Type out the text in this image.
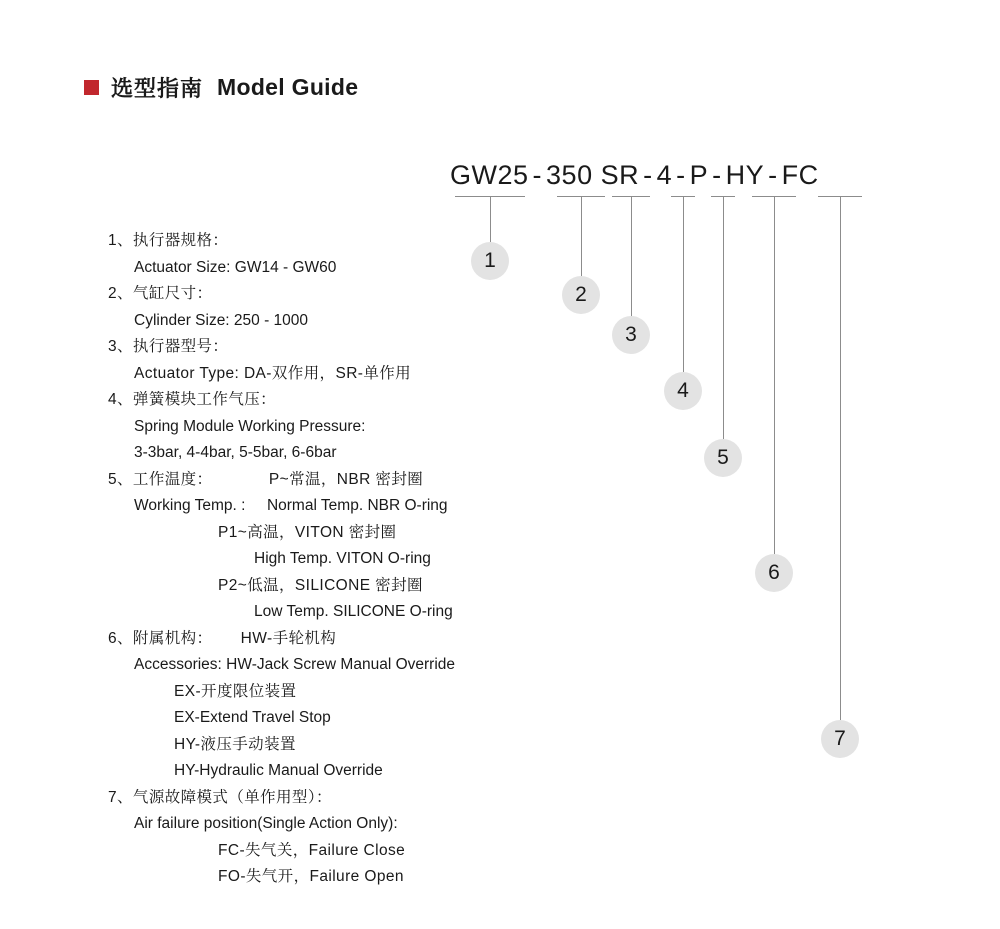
选型指南 Model Guide
GW25-350 SR-4-P-HY-FC
1
2
3
4
5
6
7
1、执行器规格：
Actuator Size: GW14 - GW60
2、气缸尺寸：
Cylinder Size: 250 - 1000
3、执行器型号：
Actuator Type: DA-双作用，SR-单作用
4、弹簧模块工作气压：
Spring Module Working Pressure:
3-3bar, 4-4bar, 5-5bar, 6-6bar
5、工作温度：            P~常温，NBR 密封圈
Working Temp. :     Normal Temp. NBR O-ring
P1~高温，VITON 密封圈
High Temp. VITON O-ring
P2~低温，SILICONE 密封圈
Low Temp. SILICONE O-ring
6、附属机构：      HW-手轮机构
Accessories: HW-Jack Screw Manual Override
EX-开度限位装置
EX-Extend Travel Stop
HY-液压手动装置
HY-Hydraulic Manual Override
7、气源故障模式（单作用型）：
Air failure position(Single Action Only):
FC-失气关，Failure Close
FO-失气开，Failure Open
